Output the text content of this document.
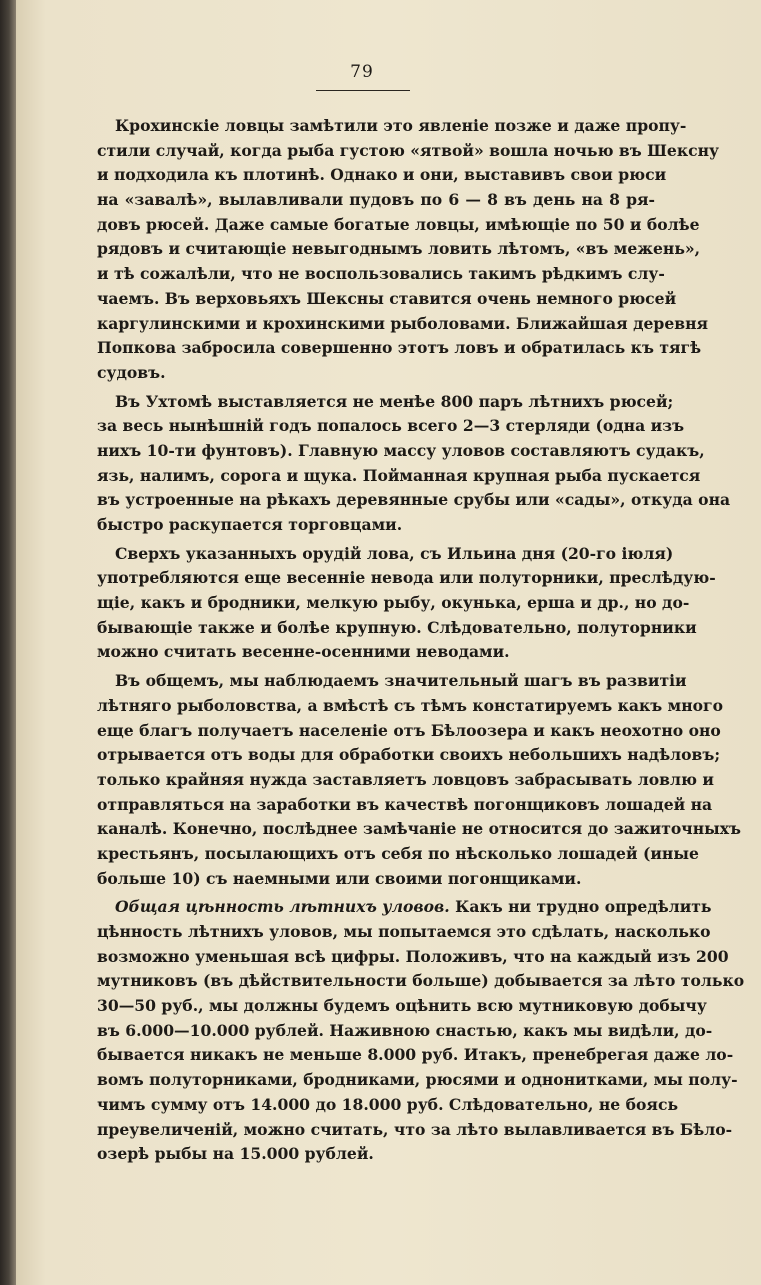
79
Крохинскіе ловцы замѣтили это явленіе позже и даже пропу-
стили случай, когда рыба густою «ятвой» вошла ночью въ Шексну
и подходила къ плотинѣ. Однако и они, выставивъ свои рюси
на «завалѣ», вылавливали пудовъ по 6 — 8 въ день на 8 ря-
довъ рюсей. Даже самые богатые ловцы, имѣющіе по 50 и болѣе
рядовъ и считающіе невыгоднымъ ловить лѣтомъ, «въ межень»,
и тѣ сожалѣли, что не воспользовались такимъ рѣдкимъ слу-
чаемъ. Въ верховьяхъ Шексны ставится очень немного рюсей
каргулинскими и крохинскими рыболовами. Ближайшая деревня
Попкова забросила совершенно этотъ ловъ и обратилась къ тягѣ
судовъ.
Въ Ухтомѣ выставляется не менѣе 800 паръ лѣтнихъ рюсей;
за весь нынѣшній годъ попалось всего 2—3 стерляди (одна изъ
нихъ 10-ти фунтовъ). Главную массу уловов составляютъ судакъ,
язь, налимъ, сорога и щука. Пойманная крупная рыба пускается
въ устроенные на рѣкахъ деревянные срубы или «сады», откуда она
быстро раскупается торговцами.
Сверхъ указанныхъ орудій лова, съ Ильина дня (20-го іюля)
употребляются еще весенніе невода или полуторники, преслѣдую-
щіе, какъ и бродники, мелкую рыбу, окунька, ерша и др., но до-
бывающіе также и болѣе крупную. Слѣдовательно, полуторники
можно считать весенне-осенними неводами.
Въ общемъ, мы наблюдаемъ значительный шагъ въ развитіи
лѣтняго рыболовства, а вмѣстѣ съ тѣмъ констатируемъ какъ много
еще благъ получаетъ населеніе отъ Бѣлоозера и какъ неохотно оно
отрывается отъ воды для обработки своихъ небольшихъ надѣловъ;
только крайняя нужда заставляетъ ловцовъ забрасывать ловлю и
отправляться на заработки въ качествѣ погонщиковъ лошадей на
каналѣ. Конечно, послѣднее замѣчаніе не относится до зажиточныхъ
крестьянъ, посылающихъ отъ себя по нѣсколько лошадей (иные
больше 10) съ наемными или своими погонщиками.
Общая цѣнность лѣтнихъ уловов. Какъ ни трудно опредѣлить
цѣнность лѣтнихъ уловов, мы попытаемся это сдѣлать, насколько
возможно уменьшая всѣ цифры. Положивъ, что на каждый изъ 200
мутниковъ (въ дѣйствительности больше) добывается за лѣто только
30—50 руб., мы должны будемъ оцѣнить всю мутниковую добычу
въ 6.000—10.000 рублей. Наживною снастью, какъ мы видѣли, до-
бывается никакъ не меньше 8.000 руб. Итакъ, пренебрегая даже ло-
вомъ полуторниками, бродниками, рюсями и однонитками, мы полу-
чимъ сумму отъ 14.000 до 18.000 руб. Слѣдовательно, не боясь
преувеличеній, можно считать, что за лѣто вылавливается въ Бѣло-
озерѣ рыбы на 15.000 рублей.
